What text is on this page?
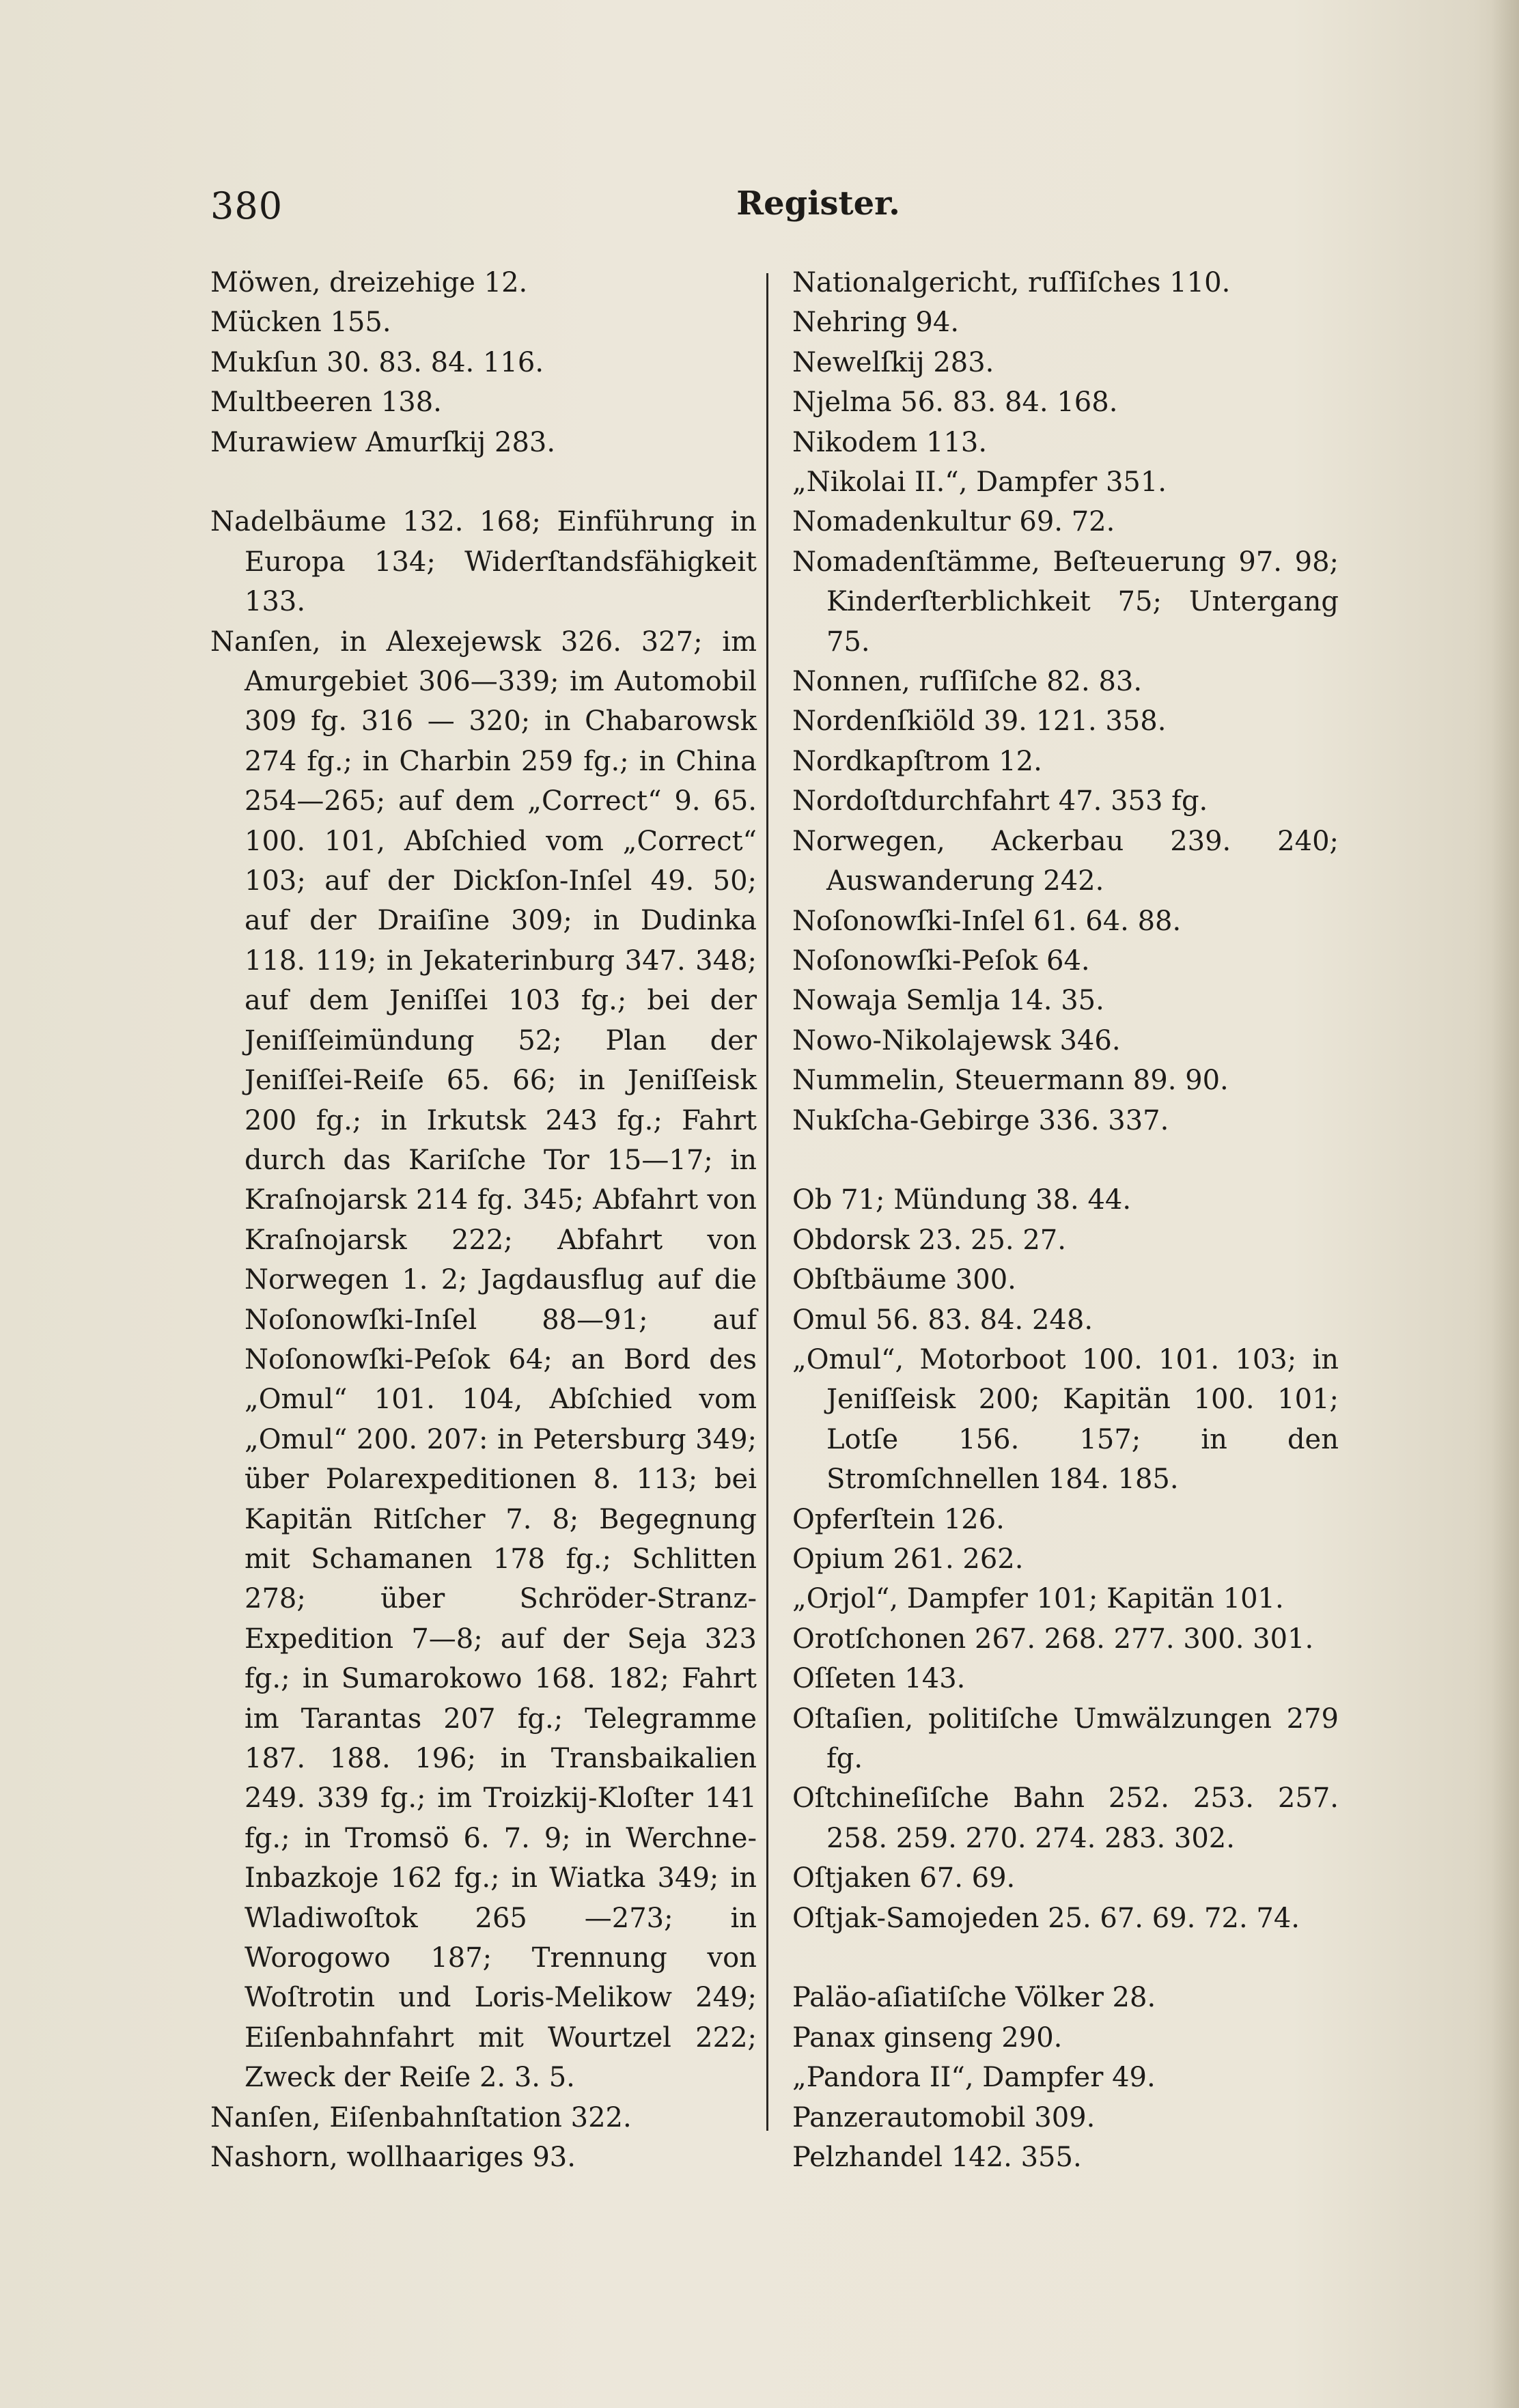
380	Register.

Möwen, dreizehige 12.

Mücken 155.

Mukſun 30. 83. 84. 116.

Multbeeren 138.

Murawiew Amurſkij 283.

Nadelbäume 132. 168; Einführung in Europa 134; Widerſtandsfähigkeit 133.

Nanſen, in Alexejewsk 326. 327; im Amurgebiet 306—339; im Automobil 309 fg. 316 — 320; in Chabarowsk 274 fg.; in Charbin 259 fg.; in China 254—265; auf dem „Correct“ 9. 65. 100. 101, Abſchied vom „Correct“ 103; auf der Dickſon-Inſel 49. 50; auf der Draiſine 309; in Dudinka 118. 119; in Jekaterinburg 347. 348; auf dem Jeniſſei 103 fg.; bei der Jeniſſeimündung 52; Plan der Jeniſſei-Reiſe 65. 66; in Jeniſſeisk 200 fg.; in Irkutsk 243 fg.; Fahrt durch das Kariſche Tor 15—17; in Kraſnojarsk 214 fg. 345; Abfahrt von Kraſnojarsk 222; Abfahrt von Norwegen 1. 2; Jagdausflug auf die Noſonowſki-Inſel 88—91; auf Noſonowſki-Peſok 64; an Bord des „Omul“ 101. 104, Abſchied vom „Omul“ 200. 207: in Petersburg 349; über Polarexpeditionen 8. 113; bei Kapitän Ritſcher 7. 8; Begegnung mit Schamanen 178 fg.; Schlitten 278; über Schröder-Stranz-Expedition 7—8; auf der Seja 323 fg.; in Sumarokowo 168. 182; Fahrt im Tarantas 207 fg.; Telegramme 187. 188. 196; in Transbaikalien 249. 339 fg.; im Troizkij-Kloſter 141 fg.; in Tromsö 6. 7. 9; in Werchne-Inbazkoje 162 fg.; in Wiatka 349; in Wladiwoſtok 265 —273; in Worogowo 187; Trennung von Woſtrotin und Loris-Melikow 249; Eiſenbahnfahrt mit Wourtzel 222; Zweck der Reiſe 2. 3. 5.

Nanſen, Eiſenbahnſtation 322.

Nashorn, wollhaariges 93.

Nationalgericht, ruſſiſches 110.

Nehring 94.

Newelſkij 283.

Njelma 56. 83. 84. 168.

Nikodem 113.

„Nikolai II.“, Dampfer 351.

Nomadenkultur 69. 72.

Nomadenſtämme, Beſteuerung 97. 98; Kinderſterblichkeit 75; Untergang 75.

Nonnen, ruſſiſche 82. 83.

Nordenſkiöld 39. 121. 358.

Nordkapſtrom 12.

Nordoſtdurchfahrt 47. 353 fg.

Norwegen, Ackerbau 239. 240; Auswanderung 242.

Noſonowſki-Inſel 61. 64. 88.

Noſonowſki-Peſok 64.

Nowaja Semlja 14. 35.

Nowo-Nikolajewsk 346.

Nummelin, Steuermann 89. 90.

Nukſcha-Gebirge 336. 337.

Ob 71; Mündung 38. 44.

Obdorsk 23. 25. 27.

Obſtbäume 300.

Omul 56. 83. 84. 248.

„Omul“, Motorboot 100. 101. 103; in Jeniſſeisk 200; Kapitän 100. 101; Lotſe 156. 157; in den Stromſchnellen 184. 185.

Opferſtein 126.

Opium 261. 262.

„Orjol“, Dampfer 101; Kapitän 101.

Orotſchonen 267. 268. 277. 300. 301.

Oſſeten 143.

Oſtaſien, politiſche Umwälzungen 279 fg.

Oſtchineſiſche Bahn 252. 253. 257. 258. 259. 270. 274. 283. 302.

Oſtjaken 67. 69.

Oſtjak-Samojeden 25. 67. 69. 72. 74.

Paläo-aſiatiſche Völker 28.

Panax ginseng 290.

„Pandora II“, Dampfer 49.

Panzerautomobil 309.

Pelzhandel 142. 355.
